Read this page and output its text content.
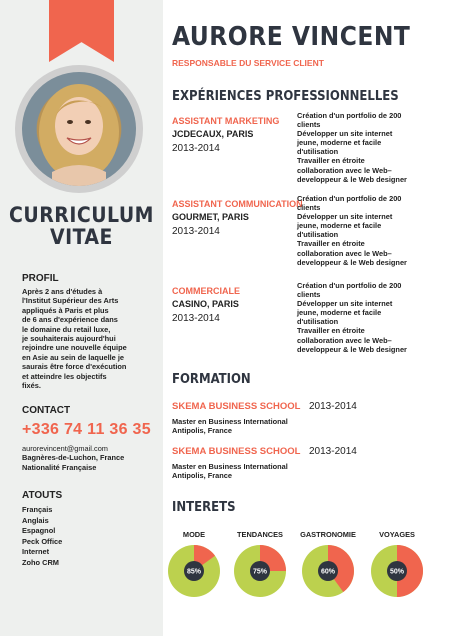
CURRICULUM
VITAE
PROFIL
Après 2 ans d'études à
l'Institut Supérieur des Arts
appliqués à Paris et plus
de 6 ans d'expérience dans
le domaine du retail luxe,
je souhaiterais aujourd'hui
rejoindre une nouvelle équipe
en Asie au sein de laquelle je
saurais être force d'exécution
et atteindre les objectifs
fixés.
CONTACT
+336 74 11 36 35
aurorevincent@gmail.com
Bagnères-de-Luchon, France
Nationalité Française
ATOUTS
Français
Anglais
Espagnol
Peck Office
Internet
Zoho CRM
AURORE VINCENT
RESPONSABLE DU SERVICE CLIENT
EXPÉRIENCES PROFESSIONNELLES
ASSISTANT MARKETING
JCDECAUX, PARIS
2013-2014
Création d'un portfolio de 200
clients
Développer un site internet
jeune, moderne et facile
d'utilisation
Travailler en étroite
collaboration avec le Web–
developpeur & le Web designer
ASSISTANT COMMUNICATION
GOURMET, PARIS
2013-2014
Création d'un portfolio de 200
clients
Développer un site internet
jeune, moderne et facile
d'utilisation
Travailler en étroite
collaboration avec le Web–
developpeur & le Web designer
COMMERCIALE
CASINO, PARIS
2013-2014
Création d'un portfolio de 200
clients
Développer un site internet
jeune, moderne et facile
d'utilisation
Travailler en étroite
collaboration avec le Web–
developpeur & le Web designer
FORMATION
SKEMA BUSINESS SCHOOL 2013-2014
Master en Business International
Antipolis, France
SKEMA BUSINESS SCHOOL 2013-2014
Master en Business International
Antipolis, France
INTERETS
MODE
85%
TENDANCES
75%
GASTRONOMIE
60%
VOYAGES
50%
